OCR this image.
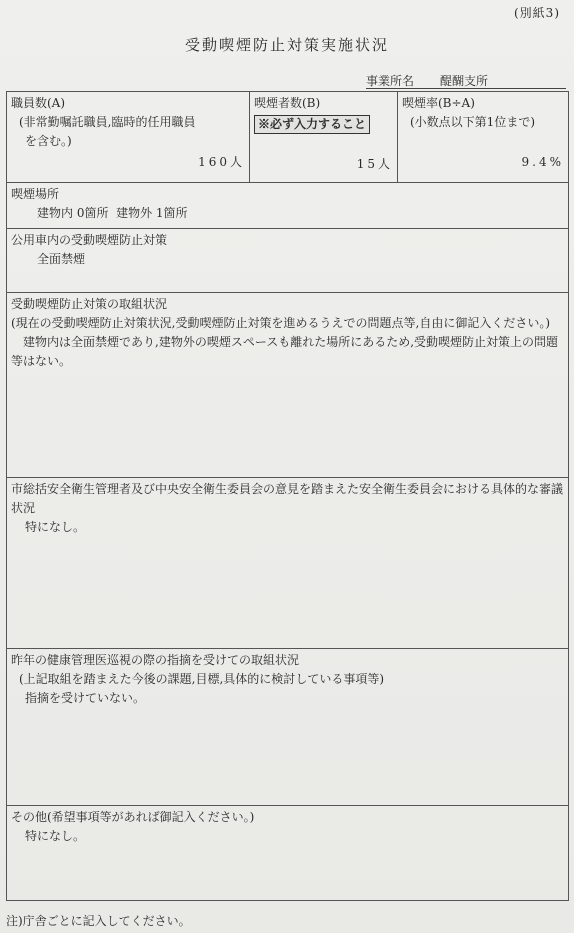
(別紙3)
受動喫煙防止対策実施状況
事業所名 醍醐支所
職員数(A)
(非常勤嘱託職員,臨時的任用職員
を含む。)
160人

喫煙者数(B)
※必ず入力すること
15人

喫煙率(B÷A)
(小数点以下第1位まで)
9.4%

喫煙場所
建物内 0箇所  建物外 1箇所

公用車内の受動喫煙防止対策
全面禁煙

受動喫煙防止対策の取組状況
(現在の受動喫煙防止対策状況,受動喫煙防止対策を進めるうえでの問題点等,自由に御記入ください。)
建物内は全面禁煙であり,建物外の喫煙スペースも離れた場所にあるため,受動喫煙防止対策上の問題等はない。

市総括安全衛生管理者及び中央安全衛生委員会の意見を踏まえた安全衛生委員会における具体的な審議状況
特になし。

昨年の健康管理医巡視の際の指摘を受けての取組状況
(上記取組を踏まえた今後の課題,目標,具体的に検討している事項等)
指摘を受けていない。

その他(希望事項等があれば御記入ください。)
特になし。
注)庁舎ごとに記入してください。
